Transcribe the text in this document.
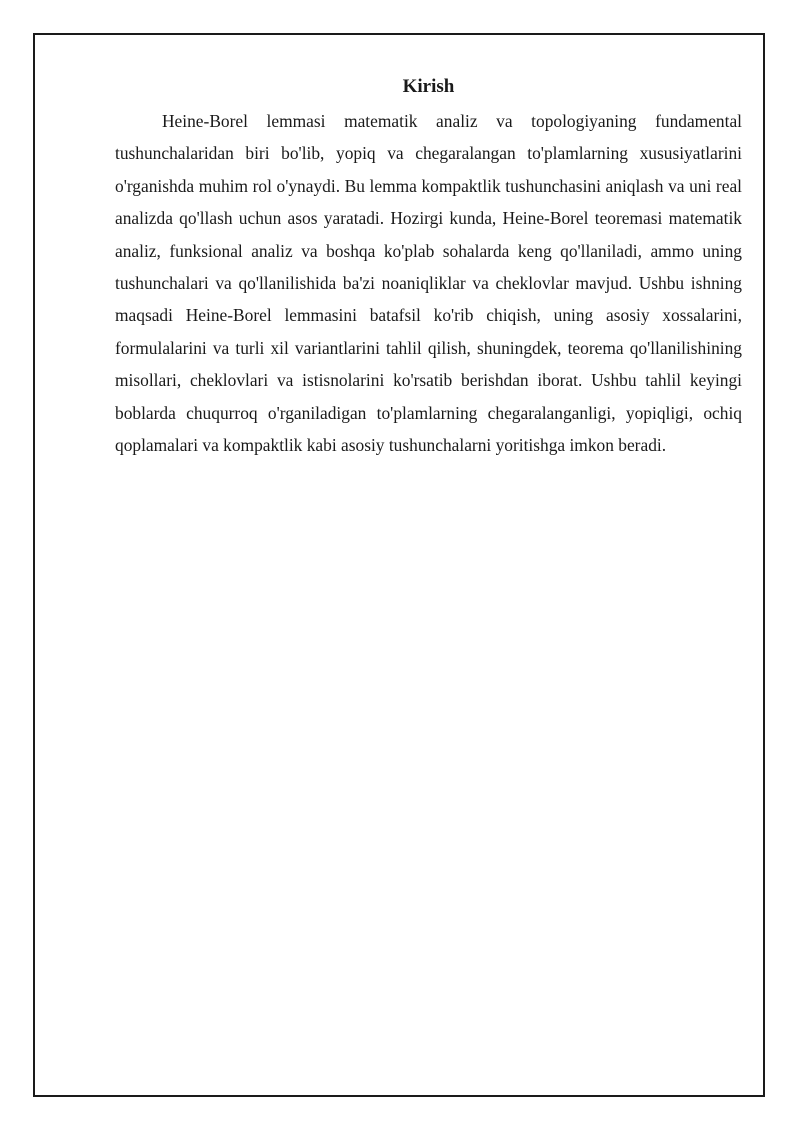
Kirish

Heine-Borel lemmasi matematik analiz va topologiyaning fundamental tushunchalaridan biri bo'lib, yopiq va chegaralangan to'plamlarning xususiyatlarini o'rganishda muhim rol o'ynaydi. Bu lemma kompaktlik tushunchasini aniqlash va uni real analizda qo'llash uchun asos yaratadi. Hozirgi kunda, Heine-Borel teoremasi matematik analiz, funksional analiz va boshqa ko'plab sohalarda keng qo'llaniladi, ammo uning tushunchalari va qo'llanilishida ba'zi noaniqliklar va cheklovlar mavjud. Ushbu ishning maqsadi Heine-Borel lemmasini batafsil ko'rib chiqish, uning asosiy xossalarini, formulalarini va turli xil variantlarini tahlil qilish, shuningdek, teorema qo'llanilishining misollari, cheklovlari va istisnolarini ko'rsatib berishdan iborat. Ushbu tahlil keyingi boblarda chuqurroq o'rganiladigan to'plamlarning chegaralanganligi, yopiqligi, ochiq qoplamalari va kompaktlik kabi asosiy tushunchalarni yoritishga imkon beradi.
